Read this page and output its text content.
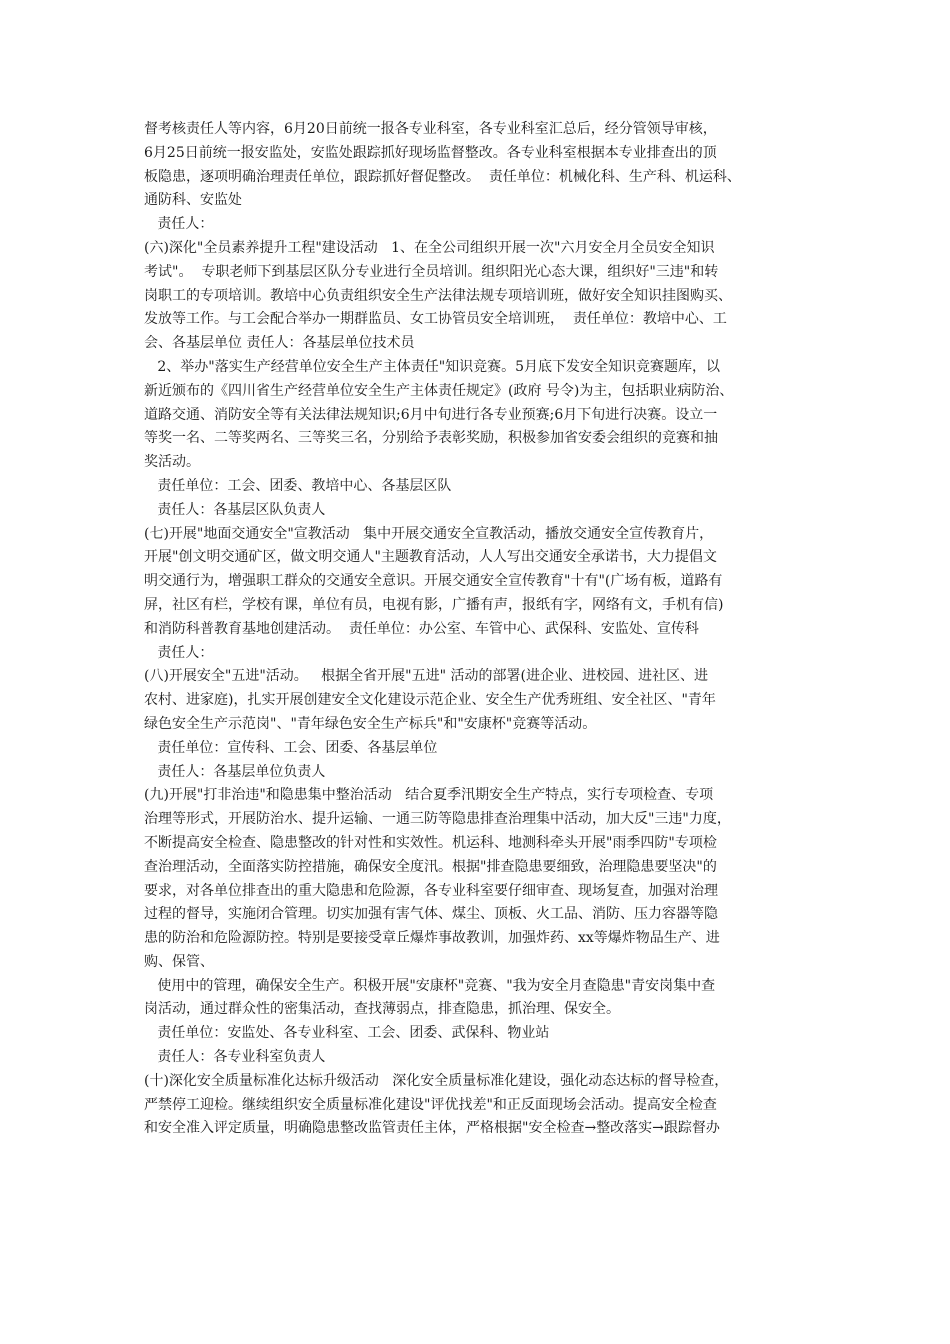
督考核责任人等内容，6月20日前统一报各专业科室，各专业科室汇总后，经分管领导审核，
6月25日前统一报安监处，安监处跟踪抓好现场监督整改。各专业科室根据本专业排查出的顶
板隐患，逐项明确治理责任单位，跟踪抓好督促整改。  责任单位：机械化科、生产科、机运科、
通防科、安监处
责任人：
(六)深化"全员素养提升工程"建设活动   1、在全公司组织开展一次"六月安全月全员安全知识
考试"。  专职老师下到基层区队分专业进行全员培训。组织阳光心态大课，组织好"三违"和转
岗职工的专项培训。教培中心负责组织安全生产法律法规专项培训班，做好安全知识挂图购买、
发放等工作。与工会配合举办一期群监员、女工协管员安全培训班，  责任单位：教培中心、工
会、各基层单位 责任人：各基层单位技术员
2、举办"落实生产经营单位安全生产主体责任"知识竞赛。5月底下发安全知识竞赛题库，以
新近颁布的《四川省生产经营单位安全生产主体责任规定》(政府 号令)为主，包括职业病防治、
道路交通、消防安全等有关法律法规知识;6月中旬进行各专业预赛;6月下旬进行决赛。设立一
等奖一名、二等奖两名、三等奖三名，分别给予表彰奖励，积极参加省安委会组织的竞赛和抽
奖活动。
责任单位：工会、团委、教培中心、各基层区队
责任人：各基层区队负责人
(七)开展"地面交通安全"宣教活动   集中开展交通安全宣教活动，播放交通安全宣传教育片，
开展"创文明交通矿区，做文明交通人"主题教育活动，人人写出交通安全承诺书，大力提倡文
明交通行为，增强职工群众的交通安全意识。开展交通安全宣传教育"十有"(广场有板，道路有
屏，社区有栏，学校有课，单位有员，电视有影，广播有声，报纸有字，网络有文，手机有信)
和消防科普教育基地创建活动。  责任单位：办公室、车管中心、武保科、安监处、宣传科
责任人：
(八)开展安全"五进"活动。   根据全省开展"五进" 活动的部署(进企业、进校园、进社区、进
农村、进家庭)，扎实开展创建安全文化建设示范企业、安全生产优秀班组、安全社区、"青年
绿色安全生产示范岗"、"青年绿色安全生产标兵"和"安康杯"竞赛等活动。
责任单位：宣传科、工会、团委、各基层单位
责任人：各基层单位负责人
(九)开展"打非治违"和隐患集中整治活动   结合夏季汛期安全生产特点，实行专项检查、专项
治理等形式，开展防治水、提升运输、一通三防等隐患排查治理集中活动，加大反"三违"力度，
不断提高安全检查、隐患整改的针对性和实效性。机运科、地测科牵头开展"雨季四防"专项检
查治理活动，全面落实防控措施，确保安全度汛。根据"排查隐患要细致，治理隐患要坚决"的
要求，对各单位排查出的重大隐患和危险源，各专业科室要仔细审查、现场复查，加强对治理
过程的督导，实施闭合管理。切实加强有害气体、煤尘、顶板、火工品、消防、压力容器等隐
患的防治和危险源防控。特别是要接受章丘爆炸事故教训，加强炸药、xx等爆炸物品生产、进
购、保管、
使用中的管理，确保安全生产。积极开展"安康杯"竞赛、"我为安全月查隐患"青安岗集中查
岗活动，通过群众性的密集活动，查找薄弱点，排查隐患，抓治理、保安全。
责任单位：安监处、各专业科室、工会、团委、武保科、物业站
责任人：各专业科室负责人
(十)深化安全质量标准化达标升级活动   深化安全质量标准化建设，强化动态达标的督导检查，
严禁停工迎检。继续组织安全质量标准化建设"评优找差"和正反面现场会活动。提高安全检查
和安全准入评定质量，明确隐患整改监管责任主体，严格根据"安全检查→整改落实→跟踪督办
